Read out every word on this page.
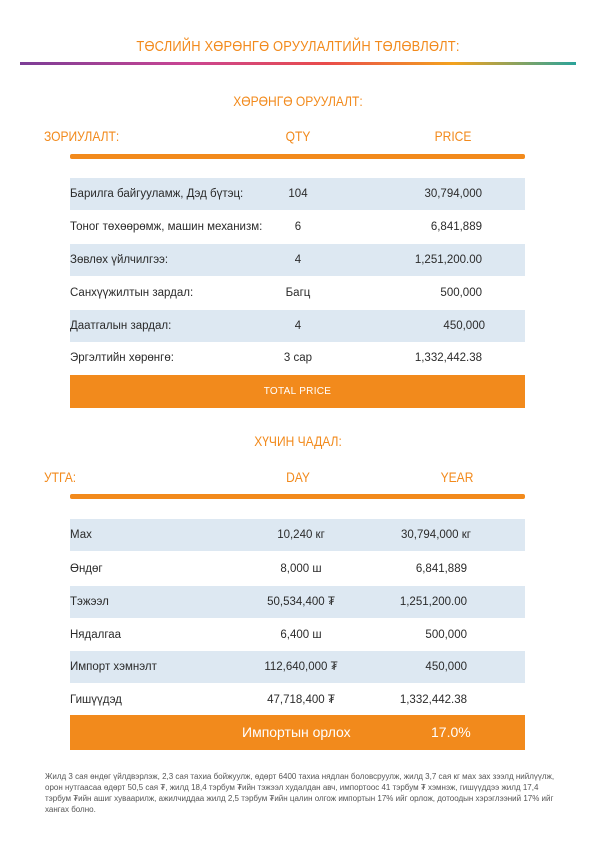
ТӨСЛИЙН ХӨРӨНГӨ ОРУУЛАЛТИЙН ТӨЛӨВЛӨЛТ:
ХӨРӨНГӨ ОРУУЛАЛТ:
ЗОРИУЛАЛТ:	QTY	PRICE
Барилга байгууламж, Дэд бүтэц:	104	30,794,000
Тоног төхөөрөмж, машин механизм:	6	6,841,889
Зөвлөх үйлчилгээ:	4	1,251,200.00
Санхүүжилтын зардал:	Багц	500,000
Даатгалын зардал:	4	450,000
Эргэлтийн хөрөнгө:	3 сар	1,332,442.38
TOTAL PRICE
ХҮЧИН ЧАДАЛ:
УТГА:	DAY	YEAR
Мах	10,240 кг	30,794,000 кг
Өндөг	8,000 ш	6,841,889
Тэжээл	50,534,400 ₮	1,251,200.00
Нядалгаа	6,400 ш	500,000
Импорт хэмнэлт	112,640,000 ₮	450,000
Гишүүдэд	47,718,400 ₮	1,332,442.38
Импортын орлох	17.0%
Жилд 3 сая өндөг үйлдвэрлэж, 2,3 сая тахиа бойжуулж, өдөрт 6400 тахиа нядлан боловсруулж, жилд 3,7 сая кг мах зах зээлд нийлүүлж, орон нутгаасаа өдөрт 50,5 сая ₮, жилд 18,4 тэрбум ₮ийн тэжээл худалдан авч, импортоос 41 тэрбум ₮ хэмнэж, гишүүддээ жилд 17,4 тэрбум ₮ийн ашиг хуваарилж, ажилчиддаа жилд 2,5 тэрбум ₮ийн цалин олгож импортын 17% ийг орлож, дотоодын хэрэглээний 17% ийг хангах болно.
